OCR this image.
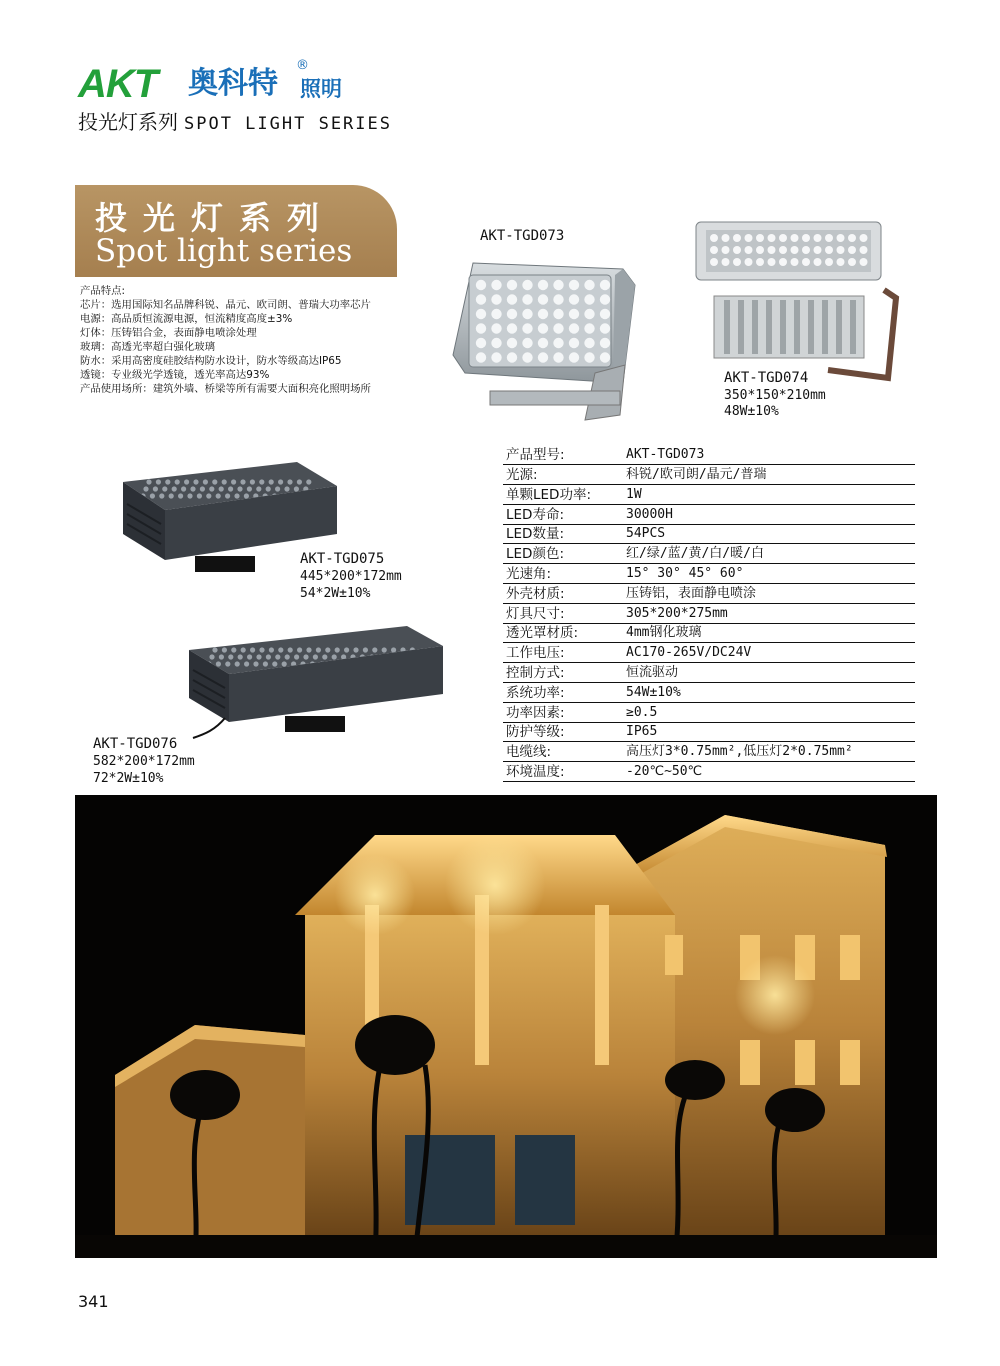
AKT 奥科特
®
照明
投光灯系列 SPOT LIGHT SERIES
投光灯系列
Spot light series

产品特点:

芯片：选用国际知名品牌科锐、晶元、欧司朗、普瑞大功率芯片

电源：高品质恒流源电源，恒流精度高度±3%

灯体：压铸铝合金，表面静电喷涂处理

玻璃：高透光率超白强化玻璃

防水：采用高密度硅胶结构防水设计，防水等级高达IP65

透镜：专业级光学透镜，透光率高达93%

产品使用场所：建筑外墙、桥梁等所有需要大面积亮化照明场所

AKT-TGD073
AKT-TGD074
350*150*210mm
48W±10%
AKT-TGD075
445*200*172mm
54*2W±10%
AKT-TGD076
582*200*172mm
72*2W±10%
产品型号:	AKT-TGD073
光源:	科锐/欧司朗/晶元/普瑞
单颗LED功率:	1W
LED寿命:	30000H
LED数量:	54PCS
LED颜色:	红/绿/蓝/黄/白/暖/白
光速角:	15° 30° 45° 60°
外壳材质:	压铸铝，表面静电喷涂
灯具尺寸:	305*200*275mm
透光罩材质:	4mm钢化玻璃
工作电压:	AC170-265V/DC24V
控制方式:	恒流驱动
系统功率:	54W±10%
功率因素:	≥0.5
防护等级:	IP65
电缆线:	高压灯3*0.75mm²,低压灯2*0.75mm²
环境温度:	-20℃~50℃
341
